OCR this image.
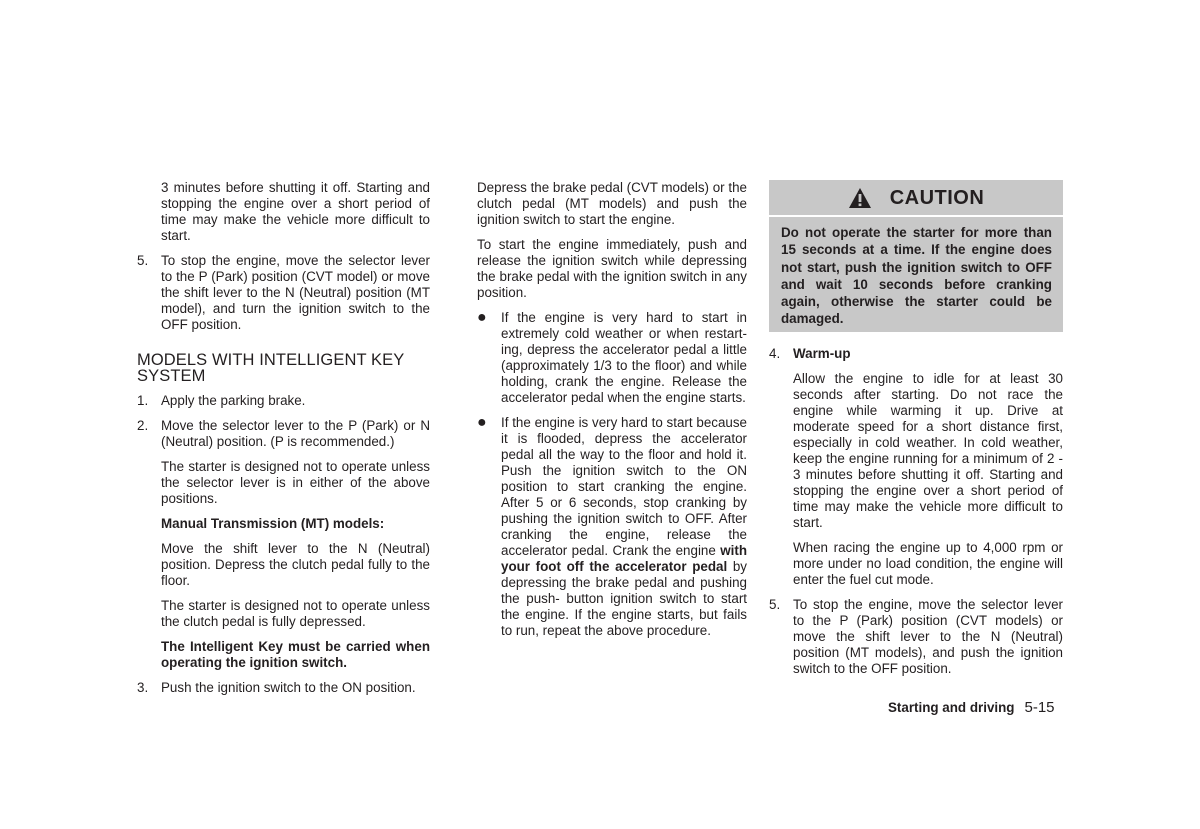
3 minutes before shutting it off. Starting and stopping the engine over a short period of time may make the vehicle more difficult to start.

5. To stop the engine, move the selector lever to the P (Park) position (CVT model) or move the shift lever to the N (Neutral) position (MT model), and turn the ignition switch to the OFF position.
MODELS WITH INTELLIGENT KEY SYSTEM
1. Apply the parking brake.
2. Move the selector lever to the P (Park) or N (Neutral) position. (P is recommended.)

The starter is designed not to operate unless the selector lever is in either of the above positions.

Manual Transmission (MT) models:

Move the shift lever to the N (Neutral) position. Depress the clutch pedal fully to the floor.

The starter is designed not to operate unless the clutch pedal is fully depressed.

The Intelligent Key must be carried when operating the ignition switch.

3. Push the ignition switch to the ON position.

Depress the brake pedal (CVT models) or the clutch pedal (MT models) and push the ignition switch to start the engine.

To start the engine immediately, push and release the ignition switch while depressing the brake pedal with the ignition switch in any position.

●	If the engine is very hard to start in extremely cold weather or when restart- ing, depress the accelerator pedal a little (approximately 1/3 to the floor) and while holding, crank the engine. Release the accelerator pedal when the engine starts.
●	If the engine is very hard to start because it is flooded, depress the accelerator pedal all the way to the floor and hold it. Push the ignition switch to the ON position to start cranking the engine. After 5 or 6 seconds, stop cranking by pushing the ignition switch to OFF. After cranking the engine, release the accelerator pedal. Crank the engine with your foot off the accelerator pedal by depressing the brake pedal and pushing the push- button ignition switch to start the engine. If the engine starts, but fails to run, repeat the above procedure.
CAUTION
Do not operate the starter for more than 15 seconds at a time. If the engine does not start, push the ignition switch to OFF and wait 10 seconds before cranking again, otherwise the starter could be damaged.
4. Warm-up

Allow the engine to idle for at least 30 seconds after starting. Do not race the engine while warming it up. Drive at moderate speed for a short distance first, especially in cold weather. In cold weather, keep the engine running for a minimum of 2 - 3 minutes before shutting it off. Starting and stopping the engine over a short period of time may make the vehicle more difficult to start.

When racing the engine up to 4,000 rpm or more under no load condition, the engine will enter the fuel cut mode.

5. To stop the engine, move the selector lever to the P (Park) position (CVT models) or move the shift lever to the N (Neutral) position (MT models), and push the ignition switch to the OFF position.
Starting and driving 5-15
